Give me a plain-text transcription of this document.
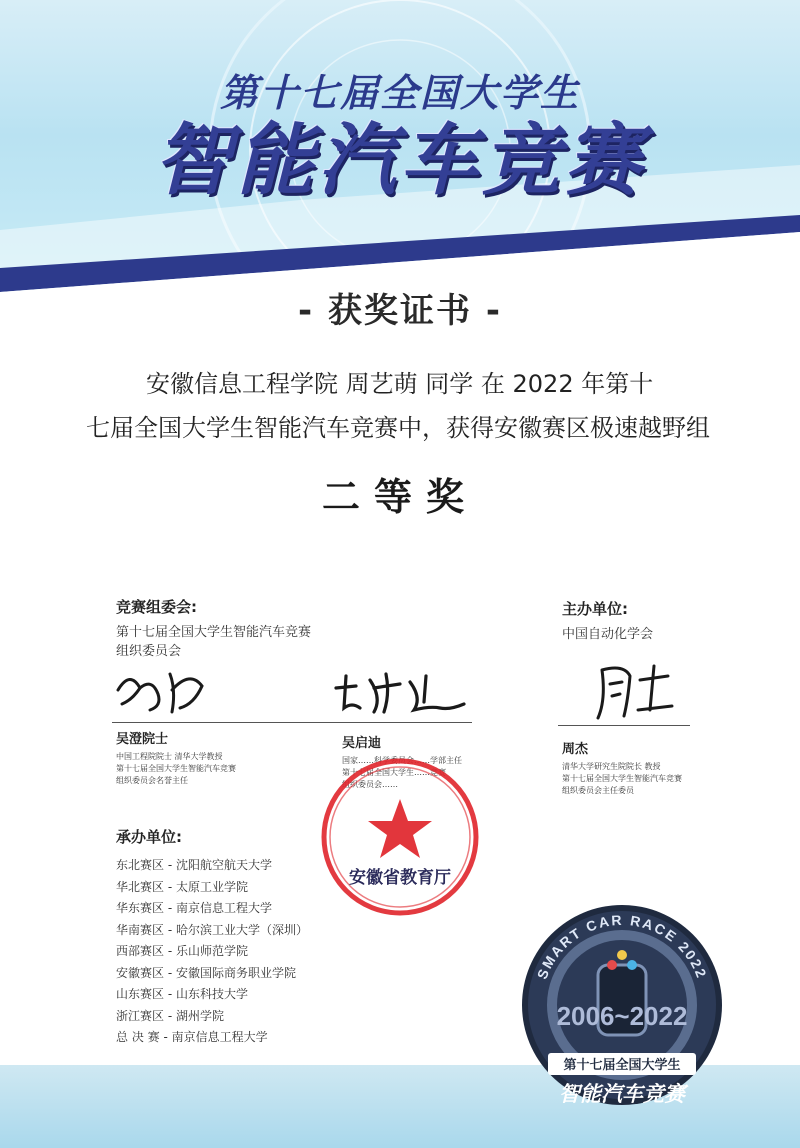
第十七届全国大学生
智能汽车竞赛
- 获奖证书 -
安徽信息工程学院 周艺萌 同学 在 2022 年第十
七届全国大学生智能汽车竞赛中，获得安徽赛区极速越野组
二等奖
竞赛组委会:
第十七届全国大学生智能汽车竞赛
组织委员会
主办单位:
中国自动化学会
吴澄院士
中国工程院院士 清华大学教授
第十七届全国大学生智能汽车竞赛
组织委员会名誉主任
吴启迪
国家……科学委员会……学部主任
第十七届全国大学生……竞赛
组织委员会……
周杰
清华大学研究生院院长 教授
第十七届全国大学生智能汽车竞赛
组织委员会主任委员
安徽省教育厅
承办单位:
东北赛区 - 沈阳航空航天大学
华北赛区 - 太原工业学院
华东赛区 - 南京信息工程大学
华南赛区 - 哈尔滨工业大学（深圳）
西部赛区 - 乐山师范学院
安徽赛区 - 安徽国际商务职业学院
山东赛区 - 山东科技大学
浙江赛区 - 湖州学院
总 决 赛 - 南京信息工程大学
SMART CAR RACE 2022
2006~2022
第十七届全国大学生
智能汽车竞赛
